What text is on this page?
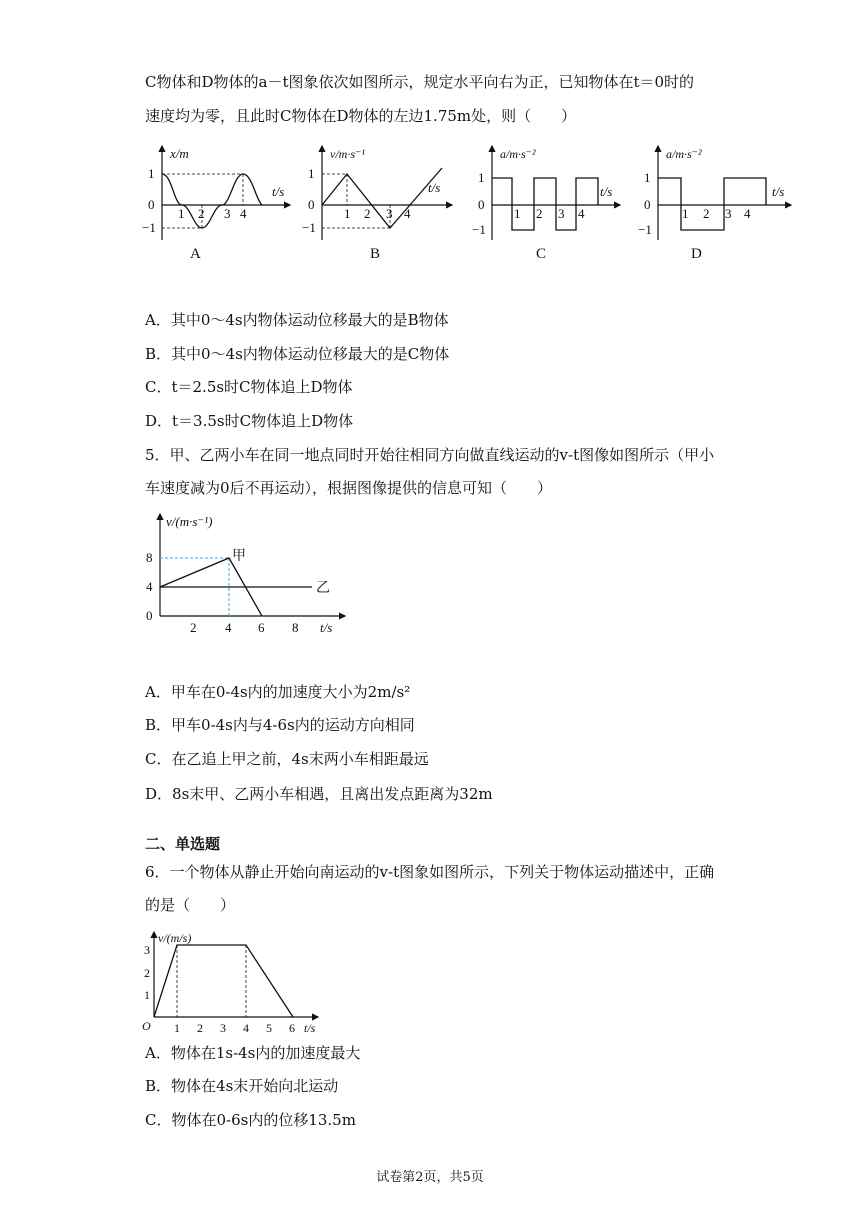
C物体和D物体的a－t图象依次如图所示，规定水平向右为正，已知物体在t＝0时的
速度均为零，且此时C物体在D物体的左边1.75m处，则（　　）
x/m
t/s
1
0
−1
1 2 3 4
A
v/m·s⁻¹
t/s
1
0
−1
1 2 3 4
B
a/m·s⁻²
t/s
1
0
−1
1 2 3 4
C
a/m·s⁻²
t/s
1
0
−1
1 2 3 4
D
A．其中0～4s内物体运动位移最大的是B物体
B．其中0～4s内物体运动位移最大的是C物体
C．t＝2.5s时C物体追上D物体
D．t＝3.5s时C物体追上D物体
5．甲、乙两小车在同一地点同时开始往相同方向做直线运动的v-t图像如图所示（甲小
车速度减为0后不再运动），根据图像提供的信息可知（　　）
v/(m·s⁻¹)
t/s
甲
乙
8
4
0
2 4 6 8
A．甲车在0-4s内的加速度大小为2m/s²
B．甲车0-4s内与4-6s内的运动方向相同
C．在乙追上甲之前，4s末两小车相距最远
D．8s末甲、乙两小车相遇，且离出发点距离为32m
二、单选题
6．一个物体从静止开始向南运动的v-t图象如图所示，下列关于物体运动描述中，正确
的是（　　）
v/(m/s)
t/s
O
3
2
1
1 2 3 4 5 6
A．物体在1s-4s内的加速度最大
B．物体在4s末开始向北运动
C．物体在0-6s内的位移13.5m
试卷第2页，共5页
